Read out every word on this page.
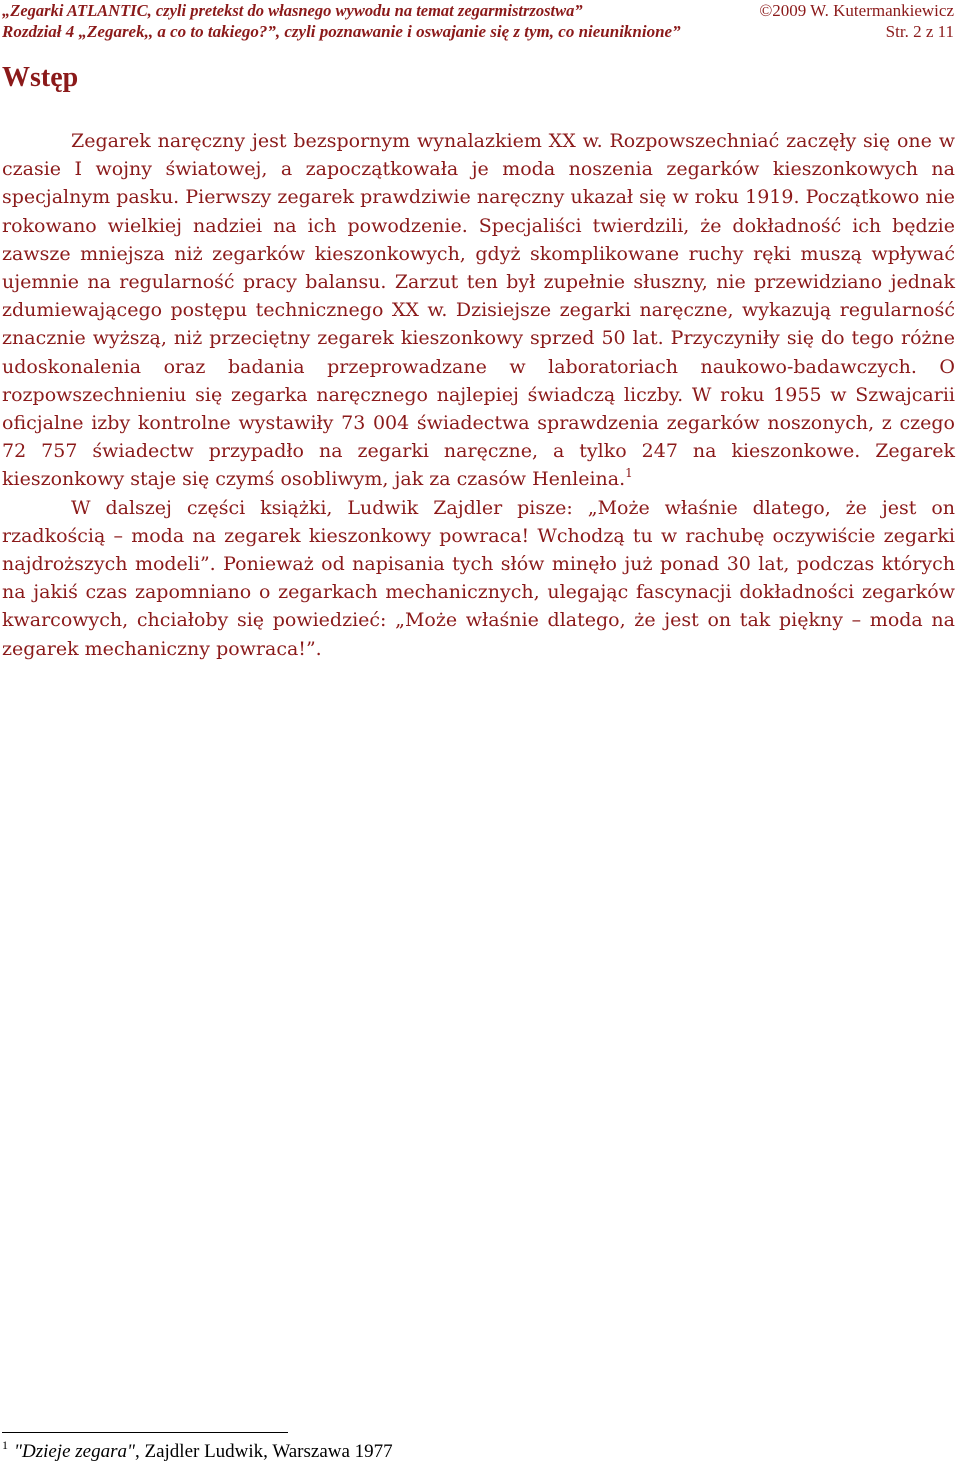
„Zegarki ATLANTIC, czyli pretekst do własnego wywodu na temat zegarmistrzostwa”	©2009 W. Kutermankiewicz
Rozdział 4 „Zegarek,, a co to takiego?”, czyli poznawanie i oswajanie się z tym, co nieuniknione”	Str. 2 z 11
Wstęp

Zegarek naręczny jest bezspornym wynalazkiem XX w. Rozpowszechniać zaczęły się one w czasie I wojny światowej, a zapoczątkowała je moda noszenia zegarków kieszonkowych na specjalnym pasku. Pierwszy zegarek prawdziwie naręczny ukazał się w roku 1919. Początkowo nie rokowano wielkiej nadziei na ich powodzenie. Specjaliści twierdzili, że dokładność ich będzie zawsze mniejsza niż zegarków kieszonkowych, gdyż skomplikowane ruchy ręki muszą wpływać ujemnie na regularność pracy balansu. Zarzut ten był zupełnie słuszny, nie przewidziano jednak zdumiewającego postępu technicznego XX w. Dzisiejsze zegarki naręczne, wykazują regularność znacznie wyższą, niż przeciętny zegarek kieszonkowy sprzed 50 lat. Przyczyniły się do tego różne udoskonalenia oraz badania przeprowadzane w laboratoriach naukowo-badawczych. O rozpowszechnieniu się zegarka naręcznego najlepiej świadczą liczby. W roku 1955 w Szwajcarii oficjalne izby kontrolne wystawiły 73 004 świadectwa sprawdzenia zegarków noszonych, z czego 72 757 świadectw przypadło na zegarki naręczne, a tylko 247 na kieszonkowe. Zegarek kieszonkowy staje się czymś osobliwym, jak za czasów Henleina.$^1$

W dalszej części książki, Ludwik Zajdler pisze: „Może właśnie dlatego, że jest on rzadkością – moda na zegarek kieszonkowy powraca! Wchodzą tu w rachubę oczywiście zegarki najdroższych modeli”. Ponieważ od napisania tych słów minęło już ponad 30 lat, podczas których na jakiś czas zapomniano o zegarkach mechanicznych, ulegając fascynacji dokładności zegarków kwarcowych, chciałoby się powiedzieć: „Może właśnie dlatego, że jest on tak piękny – moda na zegarek mechaniczny powraca!”.

$^1$ "Dzieje zegara", Zajdler Ludwik, Warszawa 1977
